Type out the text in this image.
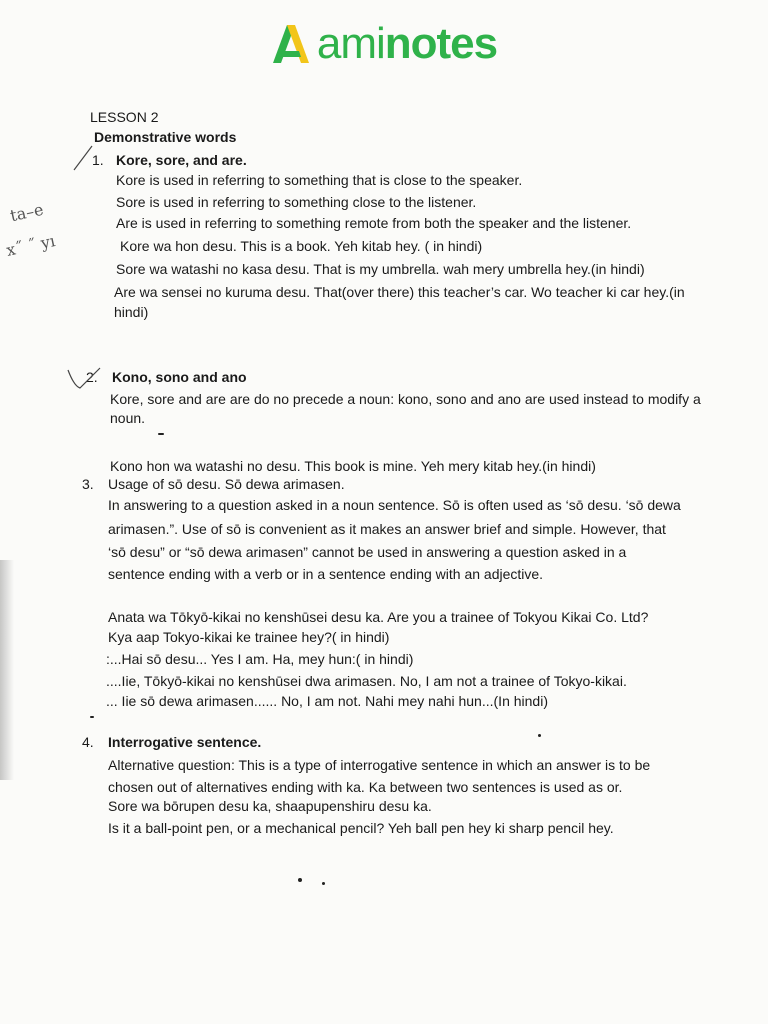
ami notes
LESSON 2
Demonstrative words
1. Kore, sore, and are.
Kore is used in referring to something that is close to the speaker.
Sore is used in referring to something close to the listener.
Are is used in referring to something remote from both the speaker and the listener.
Kore wa hon desu. This is a book. Yeh kitab hey. ( in hindi)
Sore wa watashi no kasa desu. That is my umbrella. wah mery umbrella hey.(in hindi)
Are wa sensei no kuruma desu. That(over there) this teacher’s car. Wo teacher ki car hey.(in
hindi)
2. Kono, sono and ano
Kore, sore and are are do no precede a noun: kono, sono and ano are used instead to modify a
noun.
Kono hon wa watashi no desu. This book is mine. Yeh mery kitab hey.(in hindi)
3. Usage of sō desu. Sō dewa arimasen.
In answering to a question asked in a noun sentence. Sō is often used as ‘sō desu. ‘sō dewa
arimasen.”. Use of sō is convenient as it makes an answer brief and simple. However, that
‘sō desu” or “sō dewa arimasen” cannot be used in answering a question asked in a
sentence ending with a verb or in a sentence ending with an adjective.
Anata wa Tōkyō-kikai no kenshūsei desu ka. Are you a trainee of Tokyou Kikai Co. Ltd?
Kya aap Tokyo-kikai ke trainee hey?( in hindi)
:...Hai sō desu... Yes I am. Ha, mey hun:( in hindi)
....Iie, Tōkyō-kikai no kenshūsei dwa arimasen. No, I am not a trainee of Tokyo-kikai.
... Iie sō dewa arimasen...... No, I am not. Nahi mey nahi hun...(In hindi)
4. Interrogative sentence.
Alternative question: This is a type of interrogative sentence in which an answer is to be
chosen out of alternatives ending with ka. Ka between two sentences is used as or.
Sore wa bōrupen desu ka, shaapupenshiru desu ka.
Is it a ball-point pen, or a mechanical pencil? Yeh ball pen hey ki sharp pencil hey.
ta–e
x˝ ˝ yı
